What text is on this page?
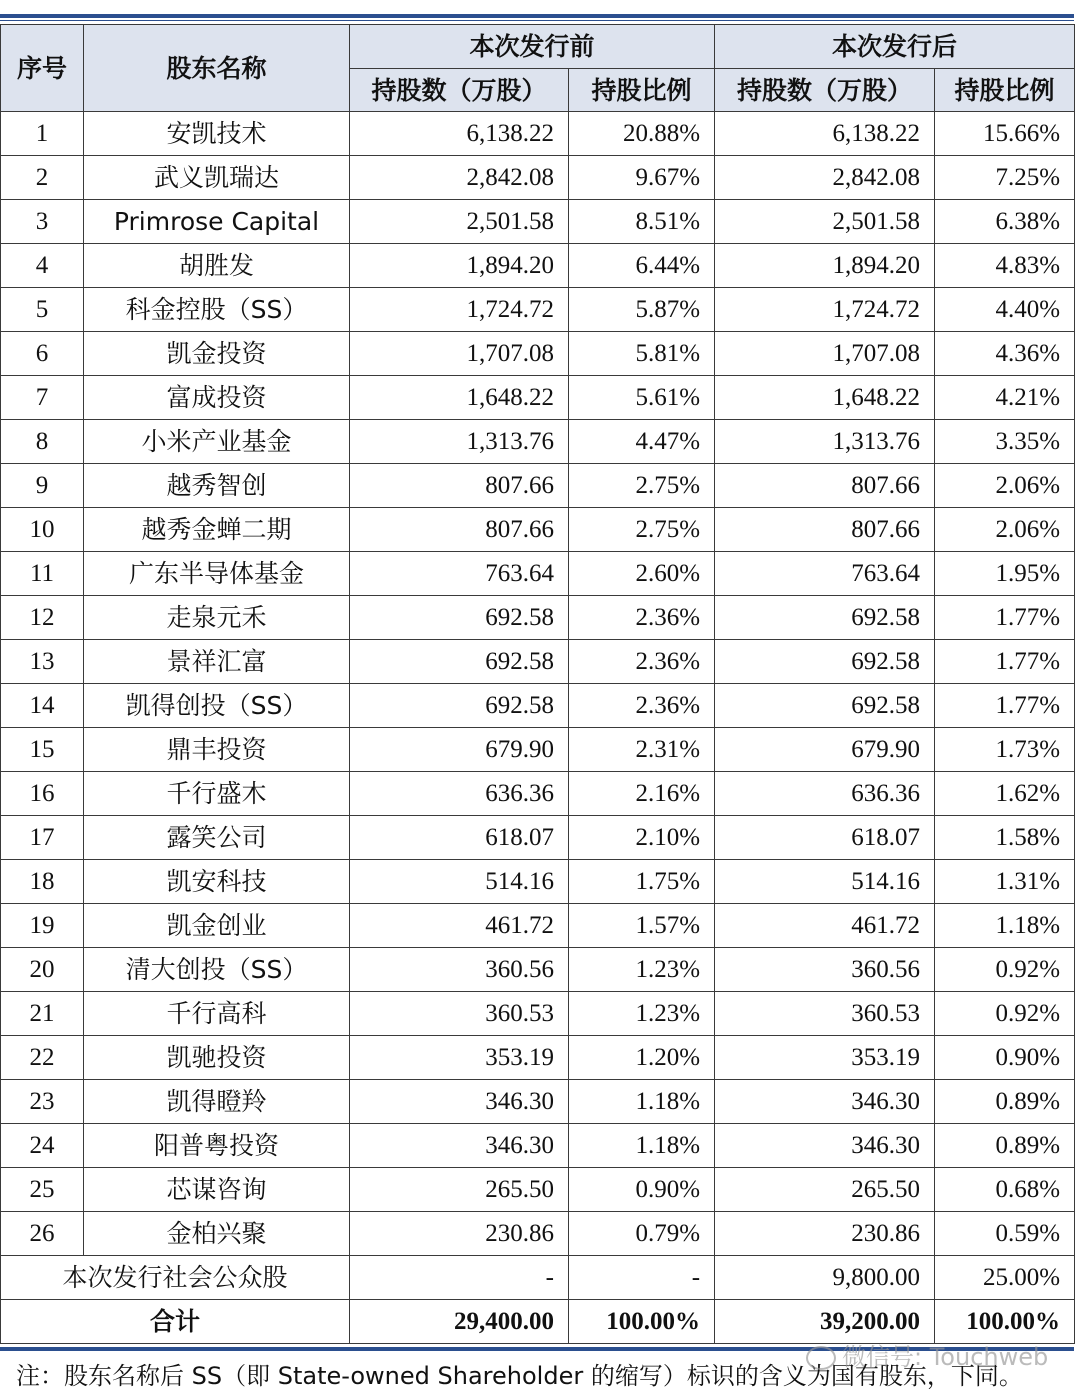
序号	股东名称	本次发行前		本次发行后	
		持股数（万股）	持股比例	持股数（万股）	持股比例
1	安凯技术	6,138.22	20.88%	6,138.22	15.66%
2	武义凯瑞达	2,842.08	9.67%	2,842.08	7.25%
3	Primrose Capital	2,501.58	8.51%	2,501.58	6.38%
4	胡胜发	1,894.20	6.44%	1,894.20	4.83%
5	科金控股（SS）	1,724.72	5.87%	1,724.72	4.40%
6	凯金投资	1,707.08	5.81%	1,707.08	4.36%
7	富成投资	1,648.22	5.61%	1,648.22	4.21%
8	小米产业基金	1,313.76	4.47%	1,313.76	3.35%
9	越秀智创	807.66	2.75%	807.66	2.06%
10	越秀金蝉二期	807.66	2.75%	807.66	2.06%
11	广东半导体基金	763.64	2.60%	763.64	1.95%
12	走泉元禾	692.58	2.36%	692.58	1.77%
13	景祥汇富	692.58	2.36%	692.58	1.77%
14	凯得创投（SS）	692.58	2.36%	692.58	1.77%
15	鼎丰投资	679.90	2.31%	679.90	1.73%
16	千行盛木	636.36	2.16%	636.36	1.62%
17	露笑公司	618.07	2.10%	618.07	1.58%
18	凯安科技	514.16	1.75%	514.16	1.31%
19	凯金创业	461.72	1.57%	461.72	1.18%
20	清大创投（SS）	360.56	1.23%	360.56	0.92%
21	千行高科	360.53	1.23%	360.53	0.92%
22	凯驰投资	353.19	1.20%	353.19	0.90%
23	凯得瞪羚	346.30	1.18%	346.30	0.89%
24	阳普粤投资	346.30	1.18%	346.30	0.89%
25	芯谋咨询	265.50	0.90%	265.50	0.68%
26	金柏兴聚	230.86	0.79%	230.86	0.59%
本次发行社会公众股		-	-	9,800.00	25.00%
合计		29,400.00	100.00%	39,200.00	100.00%
注：股东名称后 SS（即 State-owned Shareholder 的缩写）标识的含义为国有股东，下同。
微信号: Touchweb
